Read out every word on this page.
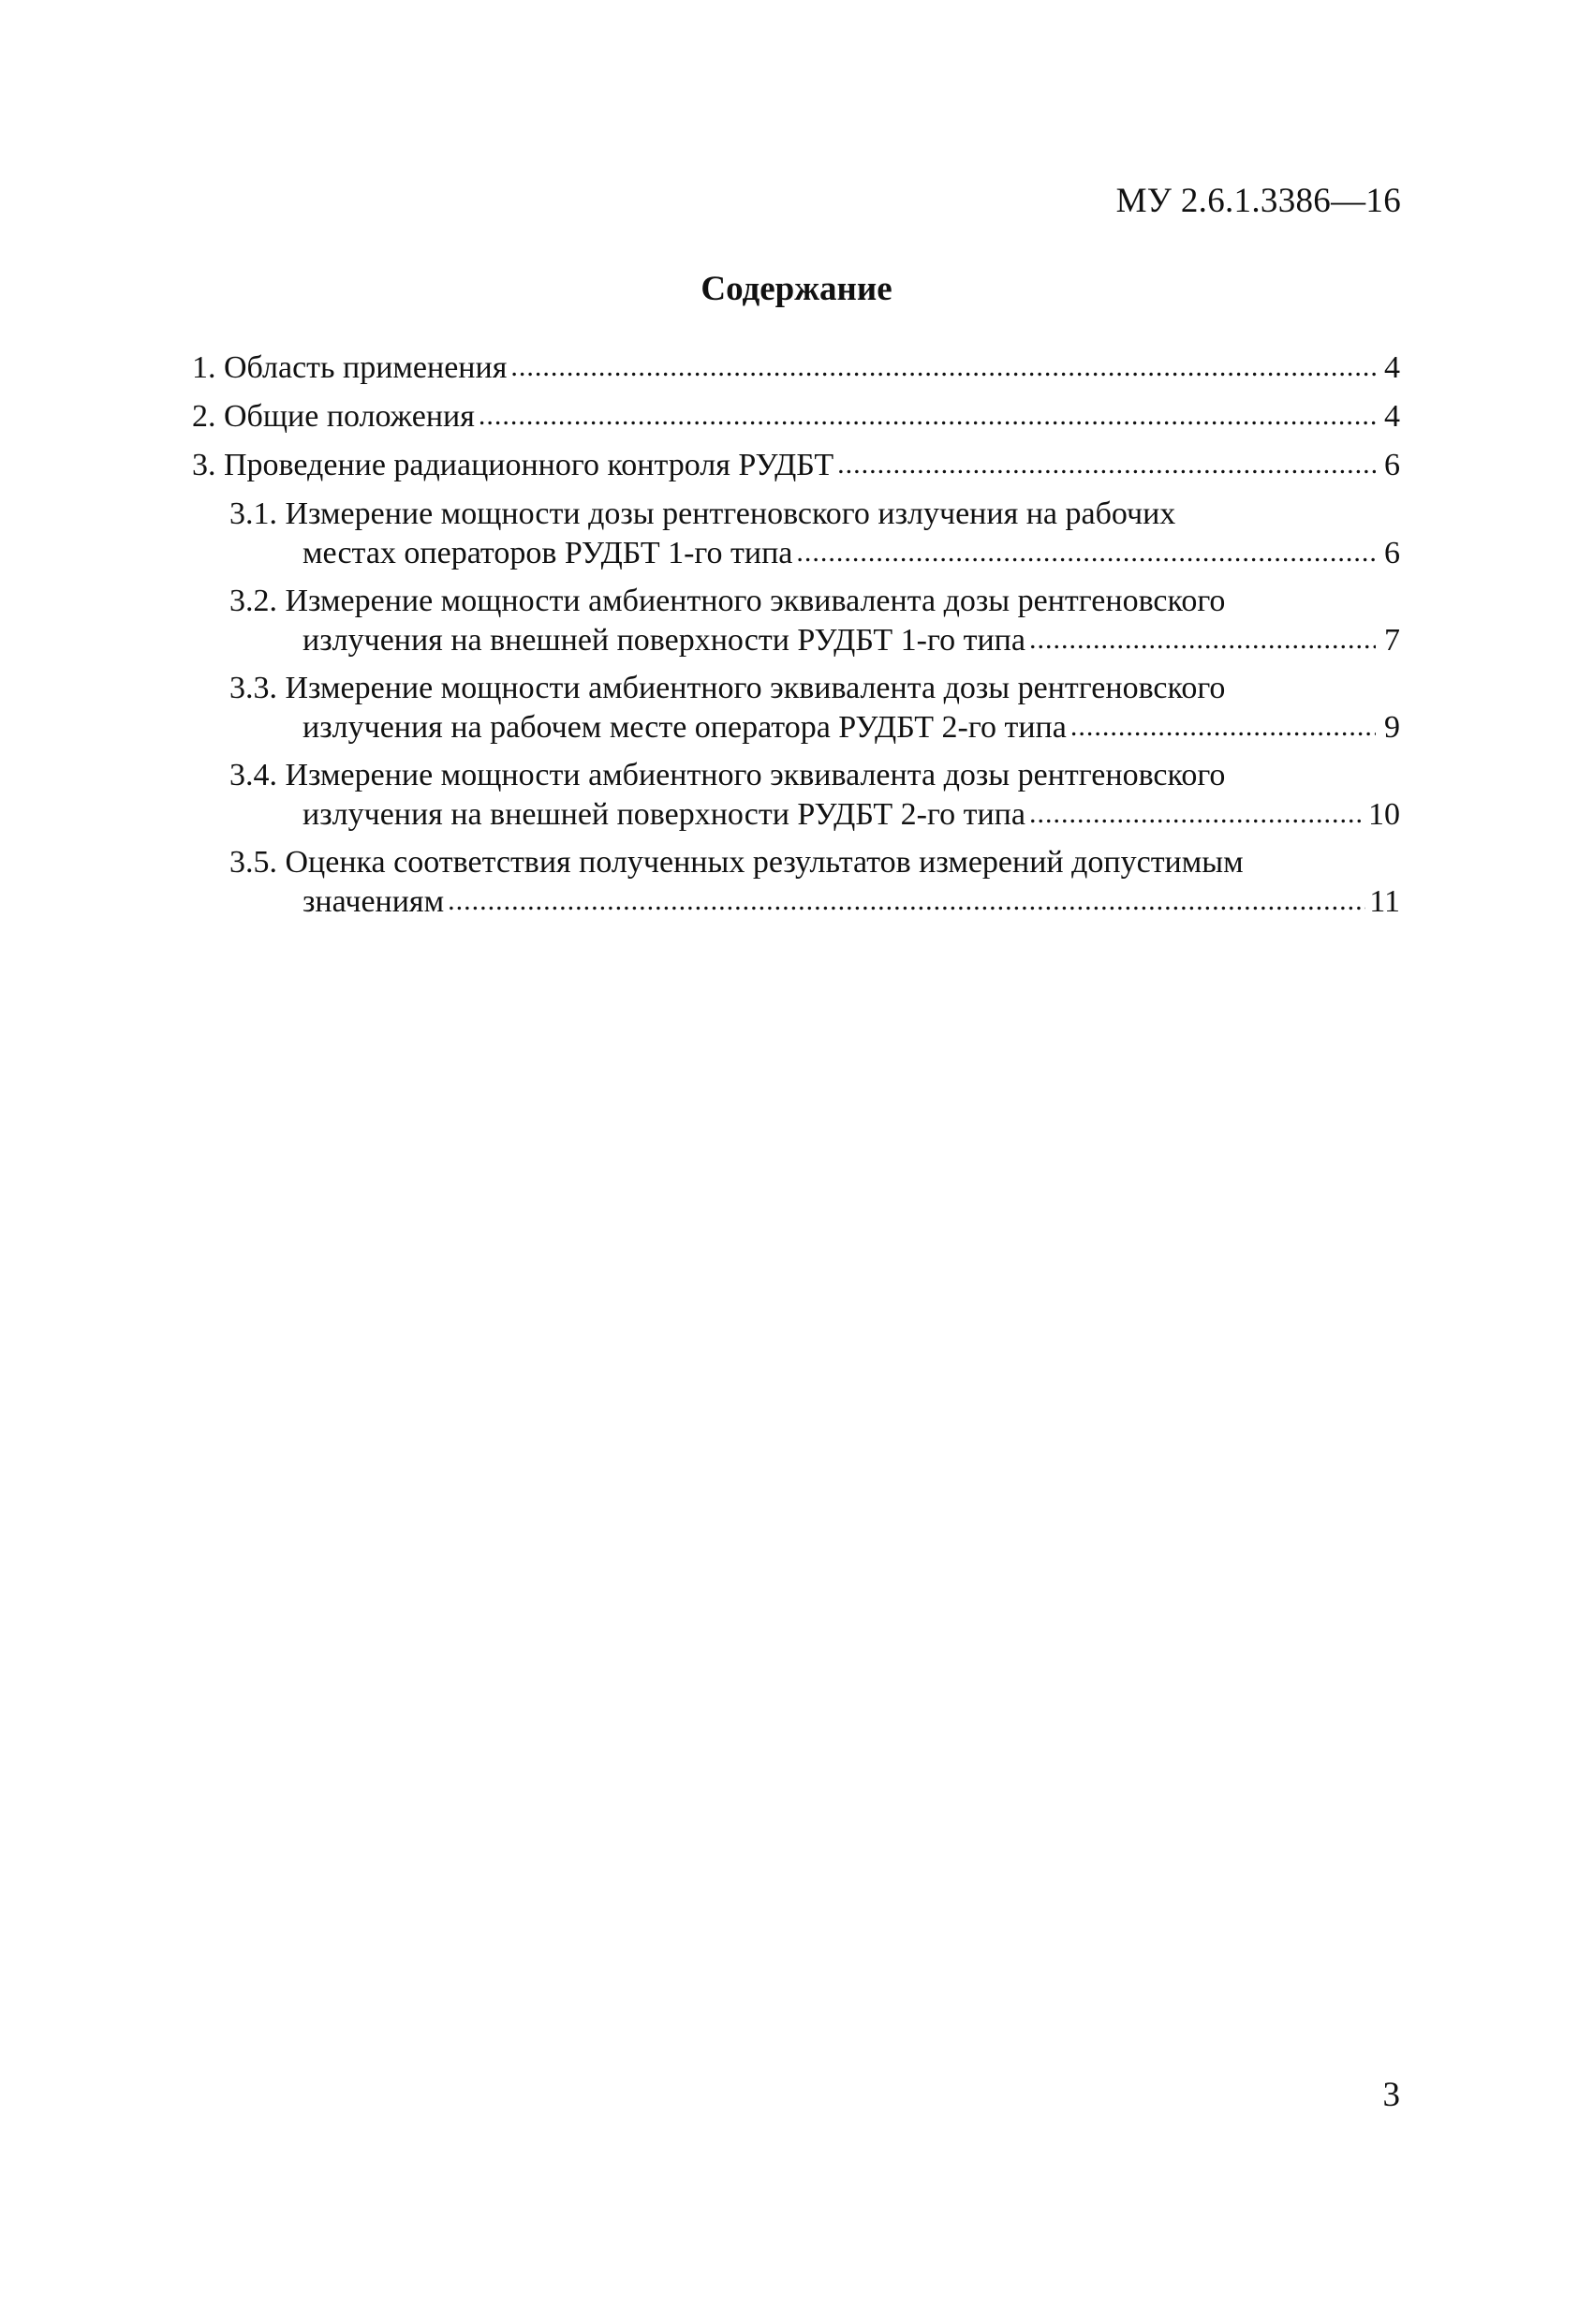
МУ 2.6.1.3386—16
Содержание
1.
Область применения .....	4
2.
Общие положения .....	4
3.
Проведение радиационного контроля РУДБТ .....	6
3.1. Измерение мощности дозы рентгеновского излучения на рабочих
местах операторов РУДБТ 1-го типа .....	6
3.2. Измерение мощности амбиентного эквивалента дозы рентгеновского
излучения на внешней поверхности РУДБТ 1-го типа .....	7
3.3. Измерение мощности амбиентного эквивалента дозы рентгеновского
излучения на рабочем месте оператора РУДБТ 2-го типа .....	9
3.4. Измерение мощности амбиентного эквивалента дозы рентгеновского
излучения на внешней поверхности РУДБТ 2-го типа .....	10
3.5. Оценка соответствия полученных результатов измерений допустимым
значениям .....	11
3
